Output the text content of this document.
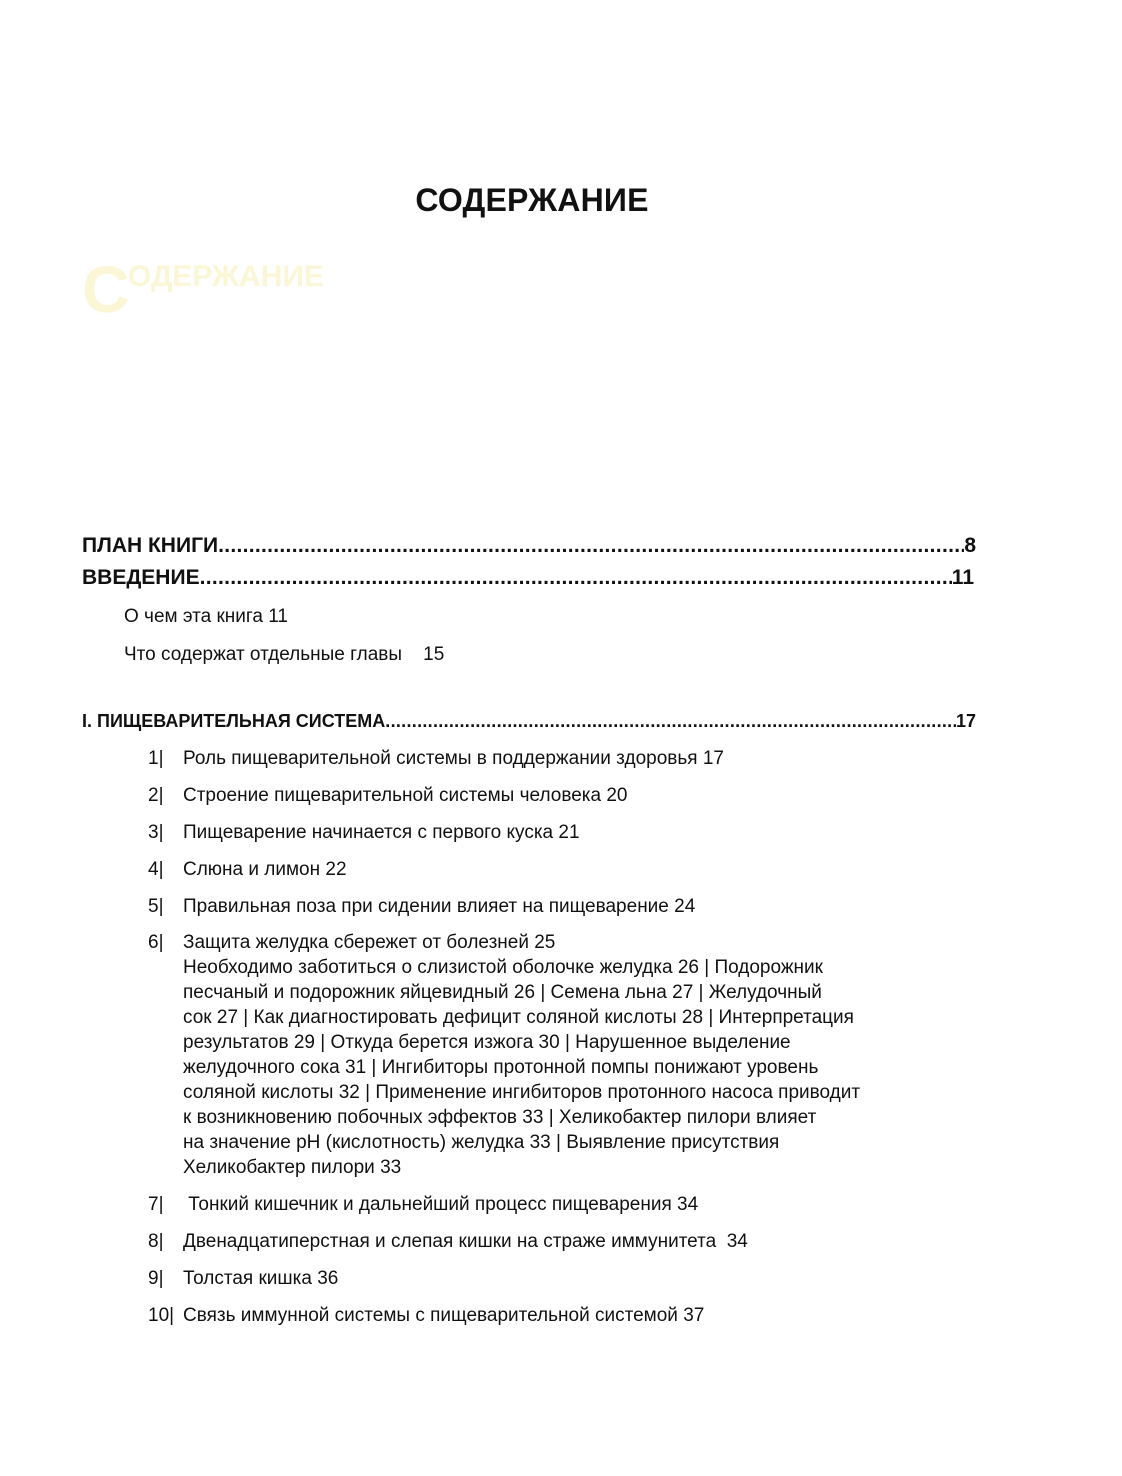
СОДЕРЖАНИЕ
С
ОДЕРЖАНИЕ
ПЛАН КНИГИ .....	8
ВВЕДЕНИЕ .....	11
О чем эта книга 11
Что содержат отдельные главы    15
I. ПИЩЕВАРИТЕЛЬНАЯ СИСТЕМА .....	17
1|	Роль пищеварительной системы в поддержании здоровья 17
2|	Строение пищеварительной системы человека 20
3|	Пищеварение начинается с первого куска 21
4|	Слюна и лимон 22
5|	Правильная поза при сидении влияет на пищеварение 24
6|	Защита желудка сбережет от болезней 25
Необходимо заботиться о слизистой оболочке желудка 26 | Подорожник
песчаный и подорожник яйцевидный 26 | Семена льна 27 | Желудочный
сок 27 | Как диагностировать дефицит соляной кислоты 28 | Интерпретация
результатов 29 | Откуда берется изжога 30 | Нарушенное выделение
желудочного сока 31 | Ингибиторы протонной помпы понижают уровень
соляной кислоты 32 | Применение ингибиторов протонного насоса приводит
к возникновению побочных эффектов 33 | Хеликобактер пилори влияет
на значение pH (кислотность) желудка 33 | Выявление присутствия
Хеликобактер пилори 33
7|	Тонкий кишечник и дальнейший процесс пищеварения 34
8|	Двенадцатиперстная и слепая кишки на страже иммунитета  34
9|	Толстая кишка 36
10| Связь иммунной системы с пищеварительной системой 37
